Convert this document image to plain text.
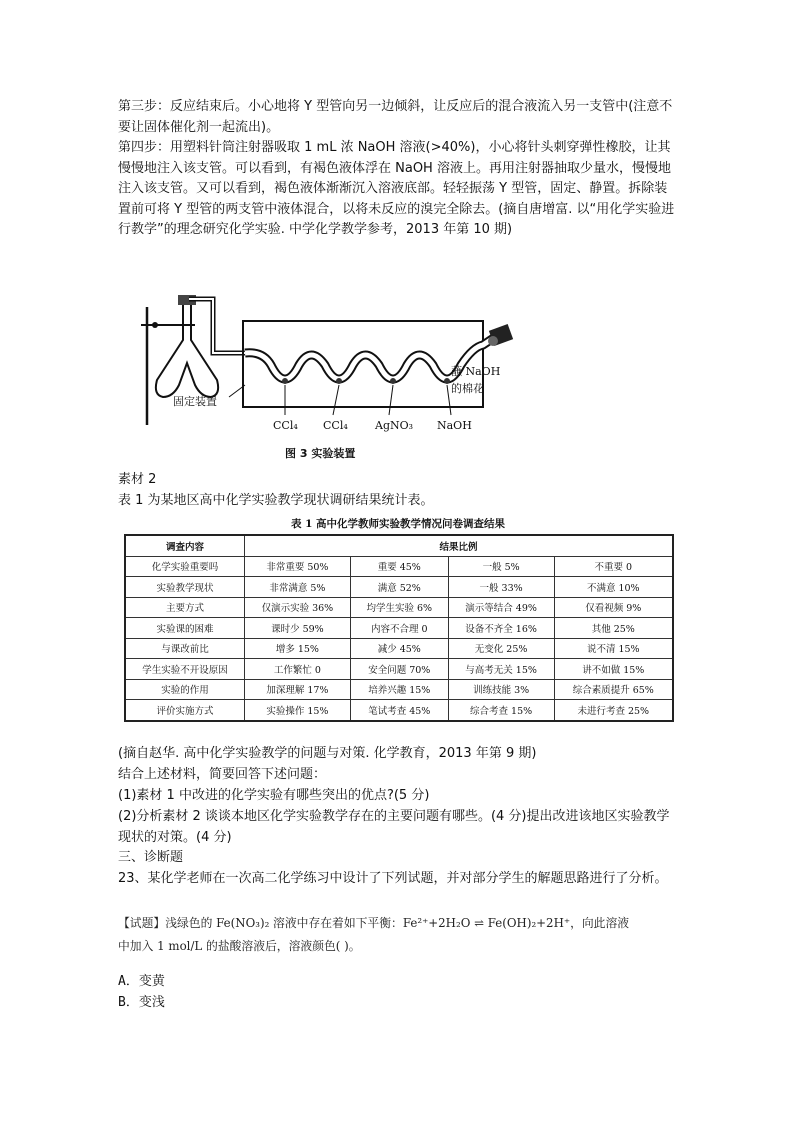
第三步：反应结束后。小心地将 Y 型管向另一边倾斜，让反应后的混合液流入另一支管中(注意不要让固体催化剂一起流出)。
第四步：用塑料针筒注射器吸取 1 mL 浓 NaOH 溶液(>40%)，小心将针头刺穿弹性橡胶，让其慢慢地注入该支管。可以看到，有褐色液体浮在 NaOH 溶液上。再用注射器抽取少量水，慢慢地注入该支管。又可以看到，褐色液体渐渐沉入溶液底部。轻轻振荡 Y 型管，固定、静置。拆除装置前可将 Y 型管的两支管中液体混合，以将未反应的溴完全除去。(摘自唐增富. 以“用化学实验进行教学”的理念研究化学实验. 中学化学教学参考，2013 年第 10 期)
固定装置
蘸 NaOH
的棉花
CCl₄ CCl₄ AgNO₃ NaOH
图 3 实验装置
素材 2
表 1 为某地区高中化学实验教学现状调研结果统计表。
表 1 高中化学教师实验教学情况问卷调查结果
调查内容	结果比例			
化学实验重要吗	非常重要 50%	重要 45%	一般 5%	不重要 0
实验教学现状	非常满意 5%	满意 52%	一般 33%	不满意 10%
主要方式	仅演示实验 36%	均学生实验 6%	演示等结合 49%	仅看视频 9%
实验课的困难	课时少 59%	内容不合理 0	设备不齐全 16%	其他 25%
与课改前比	增多 15%	减少 45%	无变化 25%	说不清 15%
学生实验不开设原因	工作繁忙 0	安全问题 70%	与高考无关 15%	讲不如做 15%
实验的作用	加深理解 17%	培养兴趣 15%	训练技能 3%	综合素质提升 65%
评价实施方式	实验操作 15%	笔试考查 45%	综合考查 15%	未进行考查 25%
(摘自赵华. 高中化学实验教学的问题与对策. 化学教育，2013 年第 9 期)
结合上述材料，简要回答下述问题：
(1)素材 1 中改进的化学实验有哪些突出的优点?(5 分)
(2)分析素材 2 谈谈本地区化学实验教学存在的主要问题有哪些。(4 分)提出改进该地区实验教学现状的对策。(4 分)
三、诊断题
23、某化学老师在一次高二化学练习中设计了下列试题，并对部分学生的解题思路进行了分析。
【试题】浅绿色的 Fe(NO₃)₂ 溶液中存在着如下平衡：Fe²⁺+2H₂O ⇌ Fe(OH)₂+2H⁺，向此溶液
中加入 1 mol/L 的盐酸溶液后，溶液颜色( )。
A．变黄
B．变浅
